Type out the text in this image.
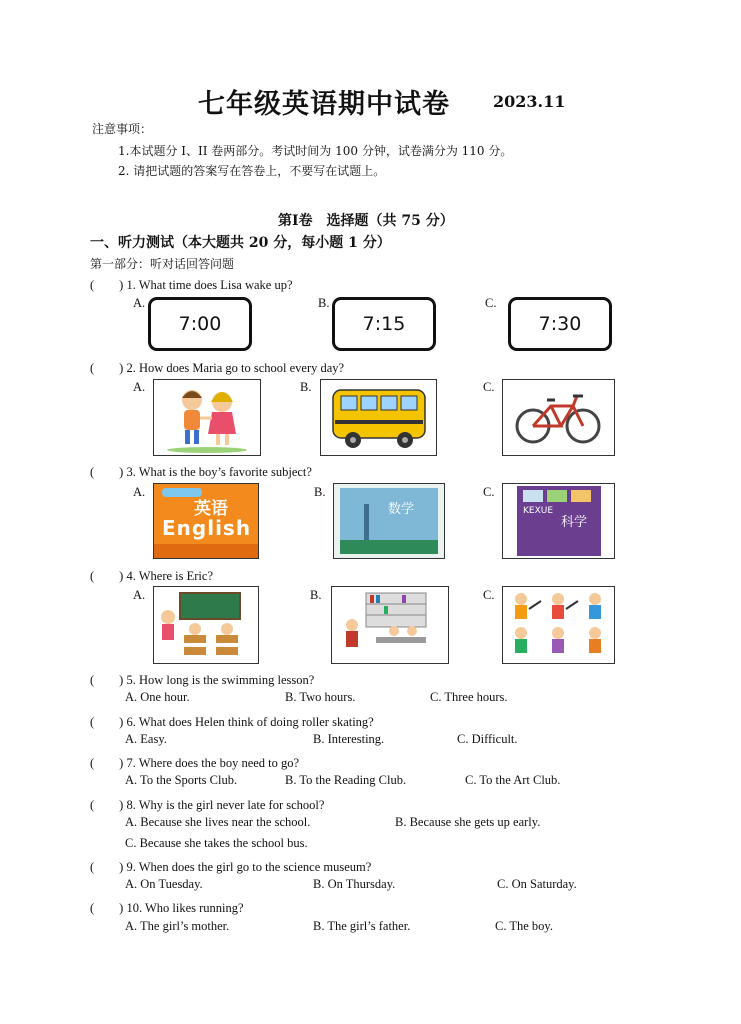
七年级英语期中试卷	2023.11
注意事项：
1.本试题分 I、II 卷两部分。考试时间为 100 分钟，试卷满分为 110 分。
2. 请把试题的答案写在答卷上，不要写在试题上。
第Ⅰ卷　选择题（共 75 分）
一、听力测试（本大题共 20 分，每小题 1 分）
第一部分：听对话回答问题
(　　) 1. What time does Lisa wake up?
A.	B.	C.
7:00	7:15	7:30
(　　) 2. How does Maria go to school every day?
A.	B.	C.
(　　) 3. What is the boy’s favorite subject?
A.	B.	C.
英语
English
数学	KEXUE
科学
(　　) 4. Where is Eric?
A.	B.	C.
(　　) 5. How long is the swimming lesson?
A. One hour.	B. Two hours.	C. Three hours.
(　　) 6. What does Helen think of doing roller skating?
A. Easy.	B. Interesting.	C. Difficult.
(　　) 7. Where does the boy need to go?
A. To the Sports Club.	B. To the Reading Club.	C. To the Art Club.
(　　) 8. Why is the girl never late for school?
A. Because she lives near the school.	B. Because she gets up early.
C. Because she takes the school bus.
(　　) 9. When does the girl go to the science museum?
A. On Tuesday.	B. On Thursday.	C. On Saturday.
(　　) 10. Who likes running?
A. The girl’s mother.	B. The girl’s father.	C. The boy.
